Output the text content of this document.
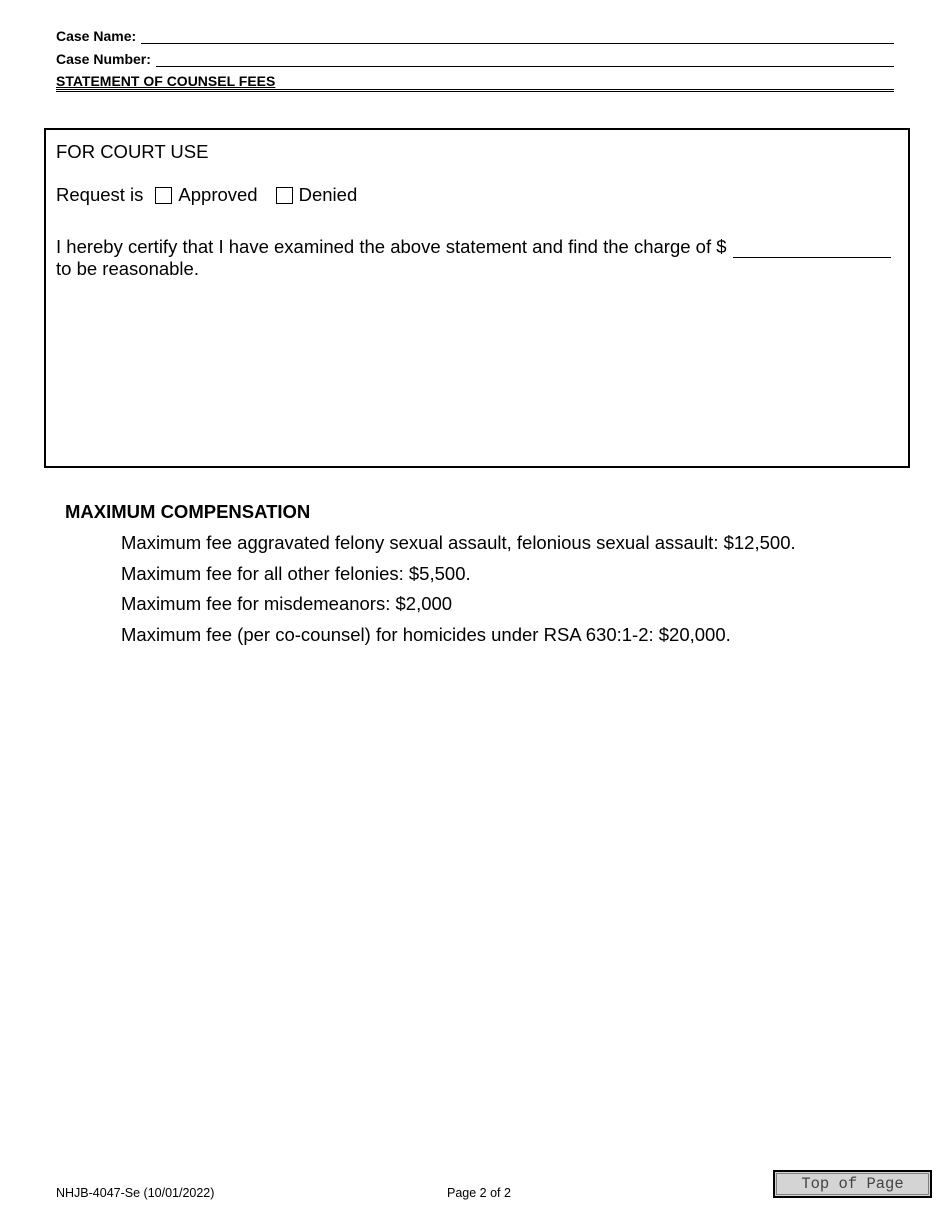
Case Name:
Case Number:
STATEMENT OF COUNSEL FEES
FOR COURT USE
Request is Approved Denied
I hereby certify that I have examined the above statement and find the charge of $
to be reasonable.
MAXIMUM COMPENSATION
Maximum fee aggravated felony sexual assault, felonious sexual assault: $12,500.
Maximum fee for all other felonies: $5,500.
Maximum fee for misdemeanors: $2,000
Maximum fee (per co-counsel) for homicides under RSA 630:1-2: $20,000.
NHJB-4047-Se (10/01/2022)	Page 2 of 2	Top of Page
